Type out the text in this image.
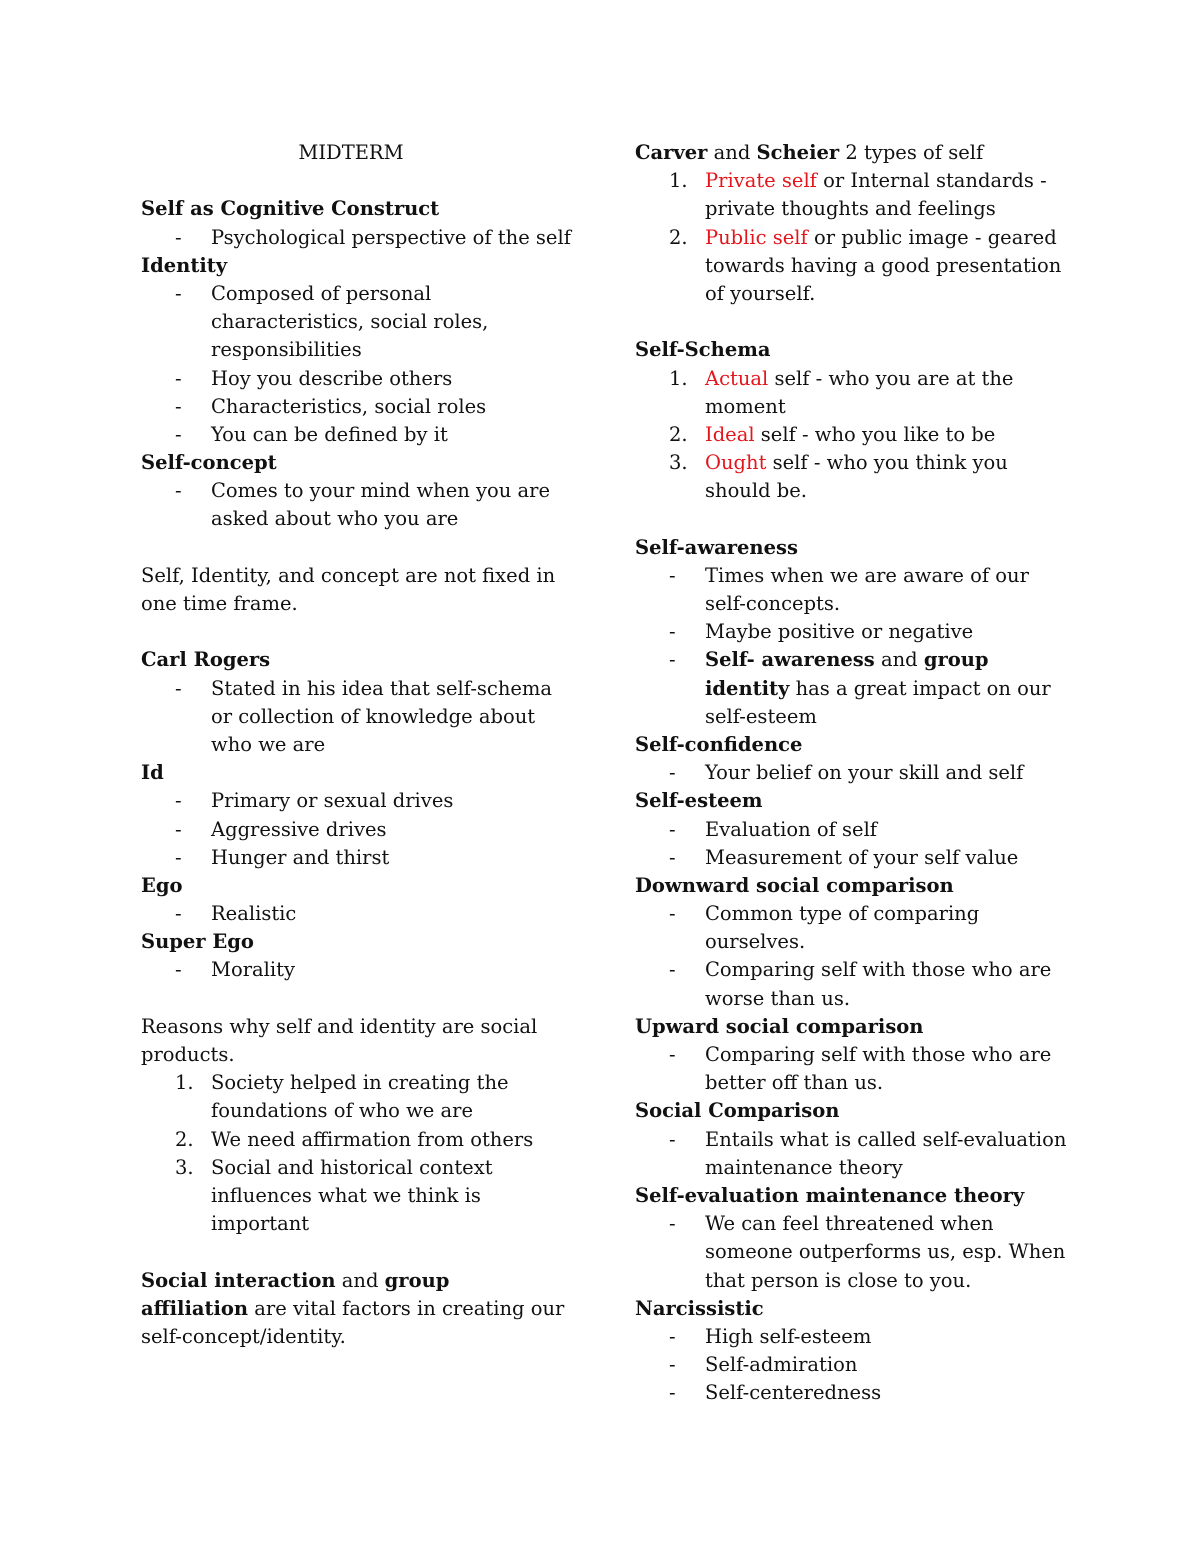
MIDTERM
Self as Cognitive Construct
- Psychological perspective of the self
Identity
- Composed of personal
characteristics, social roles,
responsibilities
- Hoy you describe others
- Characteristics, social roles
- You can be defined by it
Self-concept
- Comes to your mind when you are
asked about who you are
Self, Identity, and concept are not fixed in
one time frame.
Carl Rogers
- Stated in his idea that self-schema
or collection of knowledge about
who we are
Id
- Primary or sexual drives
- Aggressive drives
- Hunger and thirst
Ego
- Realistic
Super Ego
- Morality
Reasons why self and identity are social
products.
1. Society helped in creating the
foundations of who we are
2. We need affirmation from others
3. Social and historical context
influences what we think is
important
Social interaction and group
affiliation are vital factors in creating our
self-concept/identity.
Carver and Scheier 2 types of self
1. Private self or Internal standards -
private thoughts and feelings
2. Public self or public image - geared
towards having a good presentation
of yourself.
Self-Schema
1. Actual self - who you are at the
moment
2. Ideal self - who you like to be
3. Ought self - who you think you
should be.
Self-awareness
- Times when we are aware of our
self-concepts.
- Maybe positive or negative
- Self- awareness and group
identity has a great impact on our
self-esteem
Self-confidence
- Your belief on your skill and self
Self-esteem
- Evaluation of self
- Measurement of your self value
Downward social comparison
- Common type of comparing
ourselves.
- Comparing self with those who are
worse than us.
Upward social comparison
- Comparing self with those who are
better off than us.
Social Comparison
- Entails what is called self-evaluation
maintenance theory
Self-evaluation maintenance theory
- We can feel threatened when
someone outperforms us, esp. When
that person is close to you.
Narcissistic
- High self-esteem
- Self-admiration
- Self-centeredness
